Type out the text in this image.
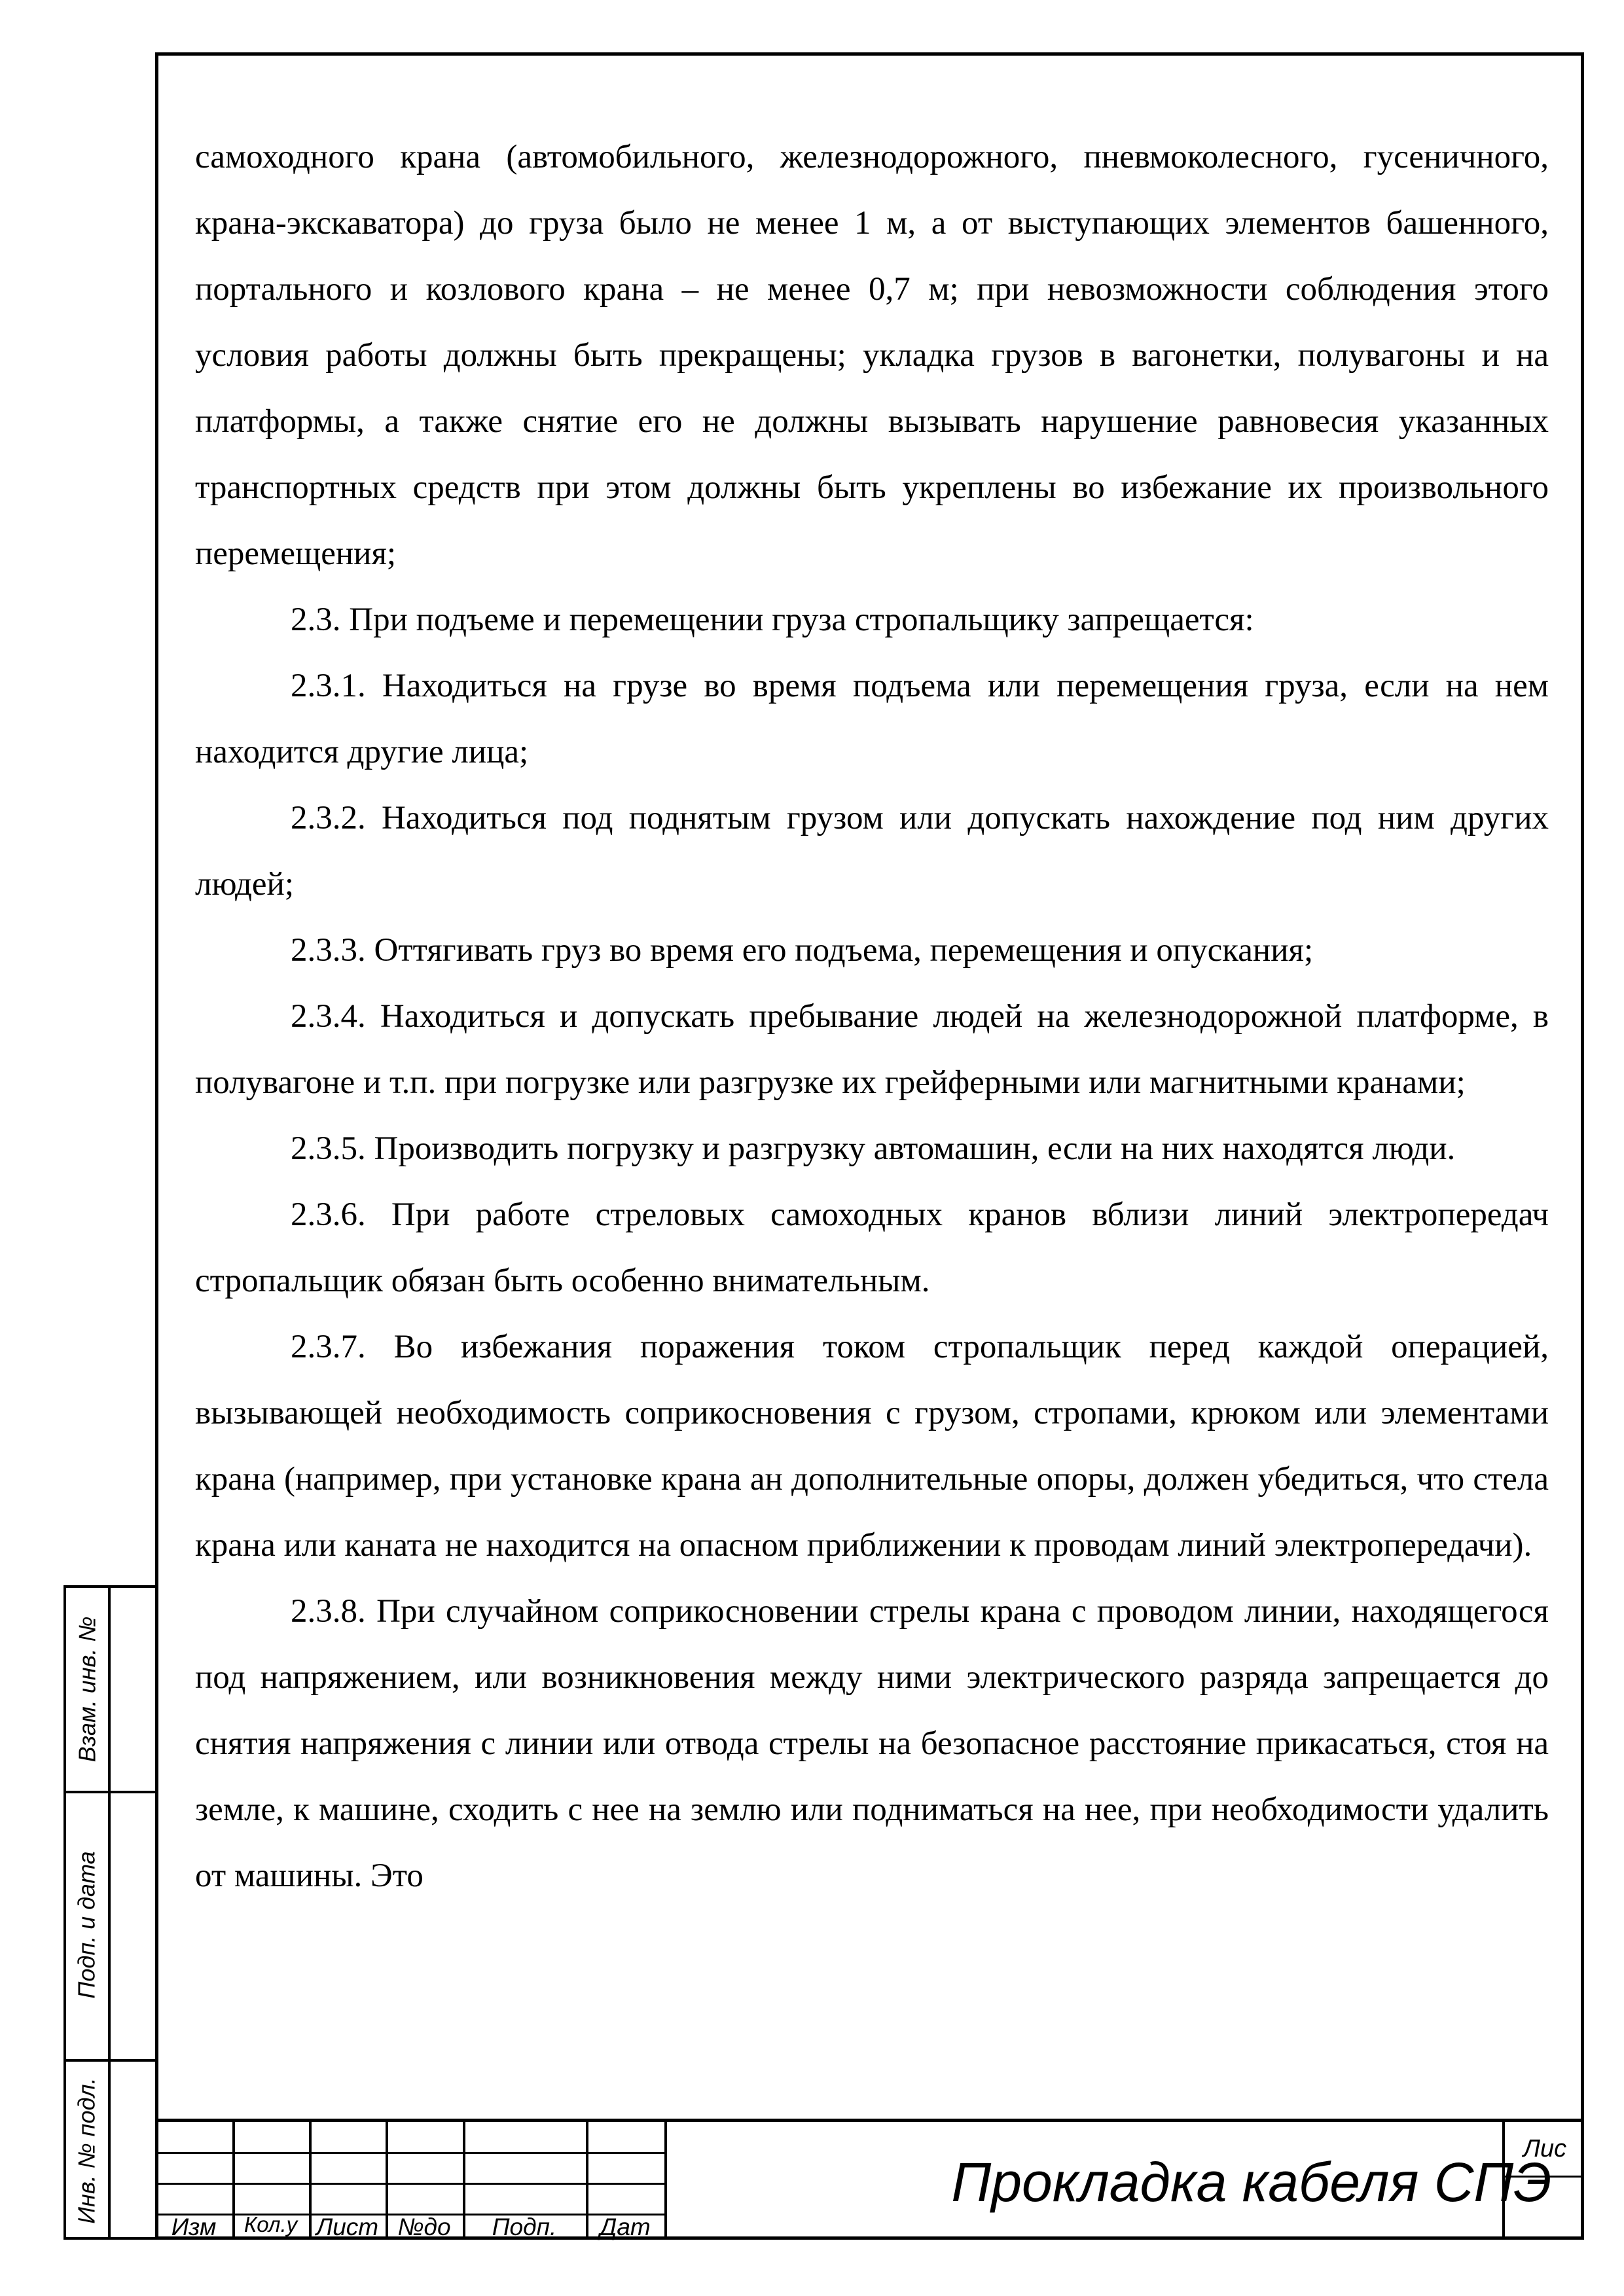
самоходного крана (автомобильного, железнодорожного, пневмоколесного, гусеничного, крана-экскаватора) до груза было не менее 1 м, а от выступающих элементов башенного, портального и козлового крана – не менее 0,7 м; при невозможности соблюдения этого условия работы должны быть прекращены; укладка грузов в вагонетки, полувагоны и на платформы, а также снятие его не должны вызывать нарушение равновесия указанных транспортных средств при этом должны быть укреплены во избежание их произвольного перемещения;

2.3. При подъеме и перемещении груза стропальщику запрещается:

2.3.1. Находиться на грузе во время подъема или перемещения груза, если на нем находится другие лица;

2.3.2. Находиться под поднятым грузом или допускать нахождение под ним других людей;

2.3.3. Оттягивать груз во время его подъема, перемещения и опускания;

2.3.4. Находиться и допускать пребывание людей на железнодорожной платформе, в полувагоне и т.п. при погрузке или разгрузке их грейферными или магнитными кранами;

2.3.5. Производить погрузку и разгрузку автомашин, если на них находятся люди.

2.3.6. При работе стреловых самоходных кранов вблизи линий электропередач стропальщик обязан быть особенно внимательным.

2.3.7. Во избежания поражения током стропальщик перед каждой операцией, вызывающей необходимость соприкосновения с грузом, стропами, крюком или элементами крана (например, при установке крана ан дополнительные опоры, должен убедиться, что стела крана или каната не находится на опасном приближении к проводам линий электропередачи).

2.3.8. При случайном соприкосновении стрелы крана с проводом линии, находящегося под напряжением, или возникновения между ними электрического разряда запрещается до снятия напряжения с линии или отвода стрелы на безопасное расстояние прикасаться, стоя на земле, к машине, сходить с нее на землю или подниматься на нее, при необходимости удалить от машины. Это

Взам. инв. №
Подп. и дата
Инв. № подл.
Изм	Кол.у Лист №до	Подп.	Дат
Прокладка кабеля СПЭ
Лис
